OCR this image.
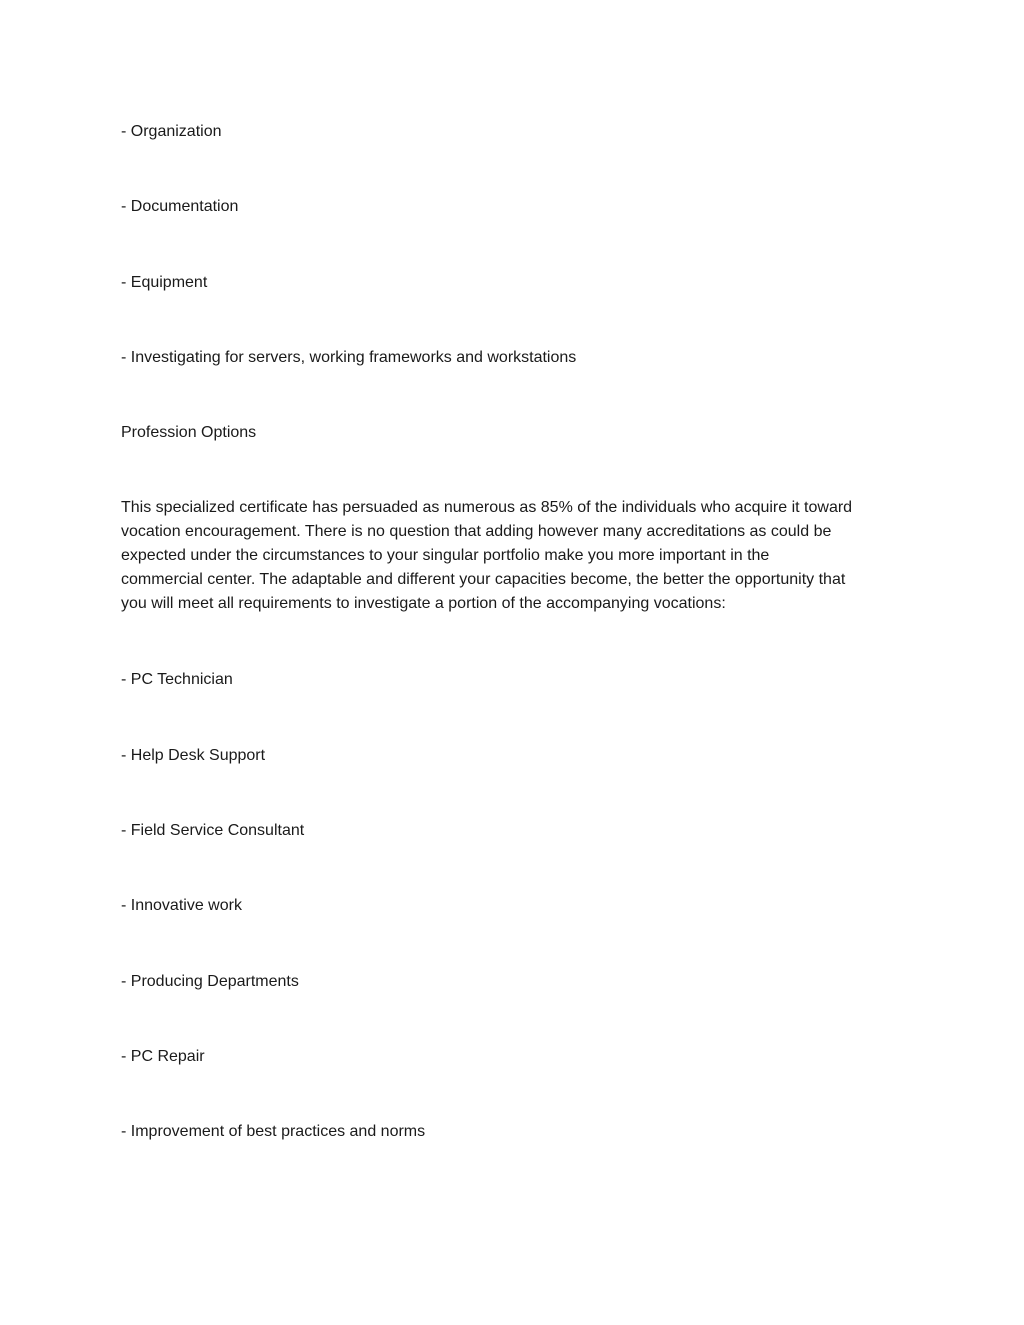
- Organization
- Documentation
- Equipment
- Investigating for servers, working frameworks and workstations
Profession Options
This specialized certificate has persuaded as numerous as 85% of the individuals who acquire it toward
vocation encouragement. There is no question that adding however many accreditations as could be
expected under the circumstances to your singular portfolio make you more important in the
commercial center. The adaptable and different your capacities become, the better the opportunity that
you will meet all requirements to investigate a portion of the accompanying vocations:
- PC Technician
- Help Desk Support
- Field Service Consultant
- Innovative work
- Producing Departments
- PC Repair
- Improvement of best practices and norms
